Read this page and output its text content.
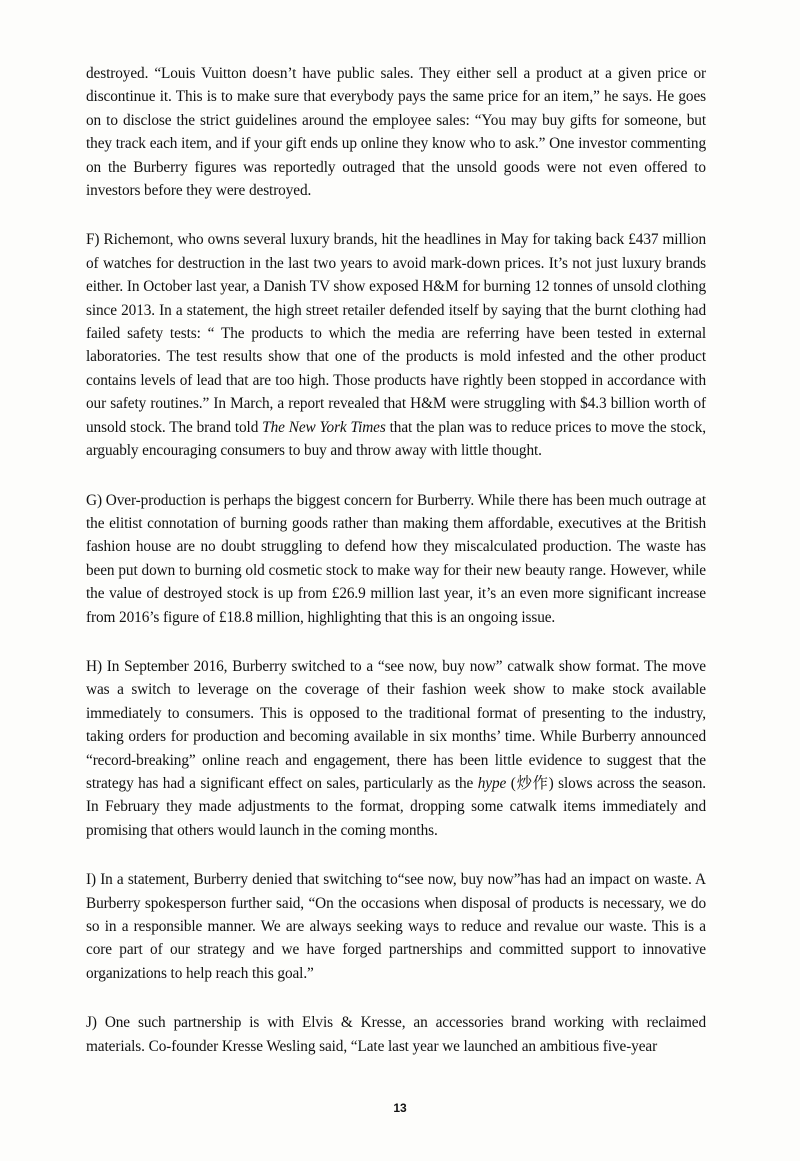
destroyed. “Louis Vuitton doesn’t have public sales. They either sell a product at a given price or discontinue it. This is to make sure that everybody pays the same price for an item,” he says. He goes on to disclose the strict guidelines around the employee sales: “You may buy gifts for someone, but they track each item, and if your gift ends up online they know who to ask.” One investor commenting on the Burberry figures was reportedly outraged that the unsold goods were not even offered to investors before they were destroyed.

F) Richemont, who owns several luxury brands, hit the headlines in May for taking back £437 million of watches for destruction in the last two years to avoid mark-down prices. It’s not just luxury brands either. In October last year, a Danish TV show exposed H&M for burning 12 tonnes of unsold clothing since 2013. In a statement, the high street retailer defended itself by saying that the burnt clothing had failed safety tests: “ The products to which the media are referring have been tested in external laboratories. The test results show that one of the products is mold infested and the other product contains levels of lead that are too high. Those products have rightly been stopped in accordance with our safety routines.” In March, a report revealed that H&M were struggling with $4.3 billion worth of unsold stock. The brand told The New York Times that the plan was to reduce prices to move the stock, arguably encouraging consumers to buy and throw away with little thought.

G) Over-production is perhaps the biggest concern for Burberry. While there has been much outrage at the elitist connotation of burning goods rather than making them affordable, executives at the British fashion house are no doubt struggling to defend how they miscalculated production. The waste has been put down to burning old cosmetic stock to make way for their new beauty range. However, while the value of destroyed stock is up from £26.9 million last year, it’s an even more significant increase from 2016’s figure of £18.8 million, highlighting that this is an ongoing issue.

H) In September 2016, Burberry switched to a “see now, buy now” catwalk show format. The move was a switch to leverage on the coverage of their fashion week show to make stock available immediately to consumers. This is opposed to the traditional format of presenting to the industry, taking orders for production and becoming available in six months’ time. While Burberry announced “record-breaking” online reach and engagement, there has been little evidence to suggest that the strategy has had a significant effect on sales, particularly as the hype (炒作) slows across the season. In February they made adjustments to the format, dropping some catwalk items immediately and promising that others would launch in the coming months.

I) In a statement, Burberry denied that switching to“see now, buy now”has had an impact on waste. A Burberry spokesperson further said, “On the occasions when disposal of products is necessary, we do so in a responsible manner. We are always seeking ways to reduce and revalue our waste. This is a core part of our strategy and we have forged partnerships and committed support to innovative organizations to help reach this goal.”

J) One such partnership is with Elvis & Kresse, an accessories brand working with reclaimed materials. Co-founder Kresse Wesling said, “Late last year we launched an ambitious five-year

13
